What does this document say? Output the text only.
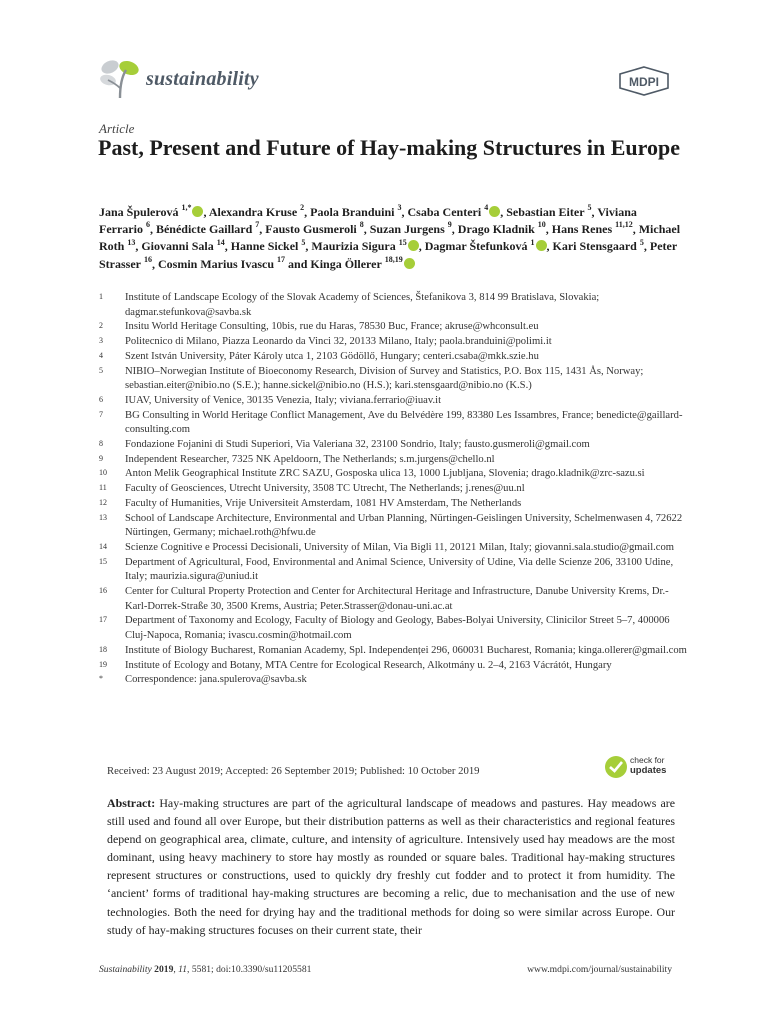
sustainability	MDPI
Article
Past, Present and Future of Hay-making Structures in Europe
Jana Špulerová $^{1,*}$ , Alexandra Kruse $^2$, Paola Branduini $^3$, Csaba Centeri $^4$ , Sebastian Eiter $^5$, Viviana Ferrario $^6$, Bénédicte Gaillard $^7$, Fausto Gusmeroli $^8$, Suzan Jurgens $^9$, Drago Kladnik $^{10}$, Hans Renes $^{11,12}$, Michael Roth $^{13}$, Giovanni Sala $^{14}$, Hanne Sickel $^5$, Maurizia Sigura $^{15}$ , Dagmar Štefunková $^1$ , Kari Stensgaard $^5$, Peter Strasser $^{16}$, Cosmin Marius Ivascu $^{17}$ and Kinga Öllerer $^{18,19}$
1	Institute of Landscape Ecology of the Slovak Academy of Sciences, Štefanikova 3, 814 99 Bratislava, Slovakia; dagmar.stefunkova@savba.sk
2	Insitu World Heritage Consulting, 10bis, rue du Haras, 78530 Buc, France; akruse@whconsult.eu
3	Politecnico di Milano, Piazza Leonardo da Vinci 32, 20133 Milano, Italy; paola.branduini@polimi.it
4	Szent István University, Páter Károly utca 1, 2103 Gödöllő, Hungary; centeri.csaba@mkk.szie.hu
5	NIBIO–Norwegian Institute of Bioeconomy Research, Division of Survey and Statistics, P.O. Box 115, 1431 Ås, Norway; sebastian.eiter@nibio.no (S.E.); hanne.sickel@nibio.no (H.S.); kari.stensgaard@nibio.no (K.S.)
6	IUAV, University of Venice, 30135 Venezia, Italy; viviana.ferrario@iuav.it
7	BG Consulting in World Heritage Conflict Management, Ave du Belvédère 199, 83380 Les Issambres, France; benedicte@gaillard-consulting.com
8	Fondazione Fojanini di Studi Superiori, Via Valeriana 32, 23100 Sondrio, Italy; fausto.gusmeroli@gmail.com
9	Independent Researcher, 7325 NK Apeldoorn, The Netherlands; s.m.jurgens@chello.nl
10	Anton Melik Geographical Institute ZRC SAZU, Gosposka ulica 13, 1000 Ljubljana, Slovenia; drago.kladnik@zrc-sazu.si
11	Faculty of Geosciences, Utrecht University, 3508 TC Utrecht, The Netherlands; j.renes@uu.nl
12	Faculty of Humanities, Vrije Universiteit Amsterdam, 1081 HV Amsterdam, The Netherlands
13	School of Landscape Architecture, Environmental and Urban Planning, Nürtingen-Geislingen University, Schelmenwasen 4, 72622 Nürtingen, Germany; michael.roth@hfwu.de
14	Scienze Cognitive e Processi Decisionali, University of Milan, Via Bigli 11, 20121 Milan, Italy; giovanni.sala.studio@gmail.com
15	Department of Agricultural, Food, Environmental and Animal Science, University of Udine, Via delle Scienze 206, 33100 Udine, Italy; maurizia.sigura@uniud.it
16	Center for Cultural Property Protection and Center for Architectural Heritage and Infrastructure, Danube University Krems, Dr.-Karl-Dorrek-Straße 30, 3500 Krems, Austria; Peter.Strasser@donau-uni.ac.at
17	Department of Taxonomy and Ecology, Faculty of Biology and Geology, Babes-Bolyai University, Clinicilor Street 5–7, 400006 Cluj-Napoca, Romania; ivascu.cosmin@hotmail.com
18	Institute of Biology Bucharest, Romanian Academy, Spl. Independenței 296, 060031 Bucharest, Romania; kinga.ollerer@gmail.com
19	Institute of Ecology and Botany, MTA Centre for Ecological Research, Alkotmány u. 2–4, 2163 Vácrátót, Hungary
*	Correspondence: jana.spulerova@savba.sk
Received: 23 August 2019; Accepted: 26 September 2019; Published: 10 October 2019
check for
updates
Abstract: Hay-making structures are part of the agricultural landscape of meadows and pastures. Hay meadows are still used and found all over Europe, but their distribution patterns as well as their characteristics and regional features depend on geographical area, climate, culture, and intensity of agriculture. Intensively used hay meadows are the most dominant, using heavy machinery to store hay mostly as rounded or square bales. Traditional hay-making structures represent structures or constructions, used to quickly dry freshly cut fodder and to protect it from humidity. The ‘ancient’ forms of traditional hay-making structures are becoming a relic, due to mechanisation and the use of new technologies. Both the need for drying hay and the traditional methods for doing so were similar across Europe. Our study of hay-making structures focuses on their current state, their
Sustainability 2019, 11, 5581; doi:10.3390/su11205581	www.mdpi.com/journal/sustainability
